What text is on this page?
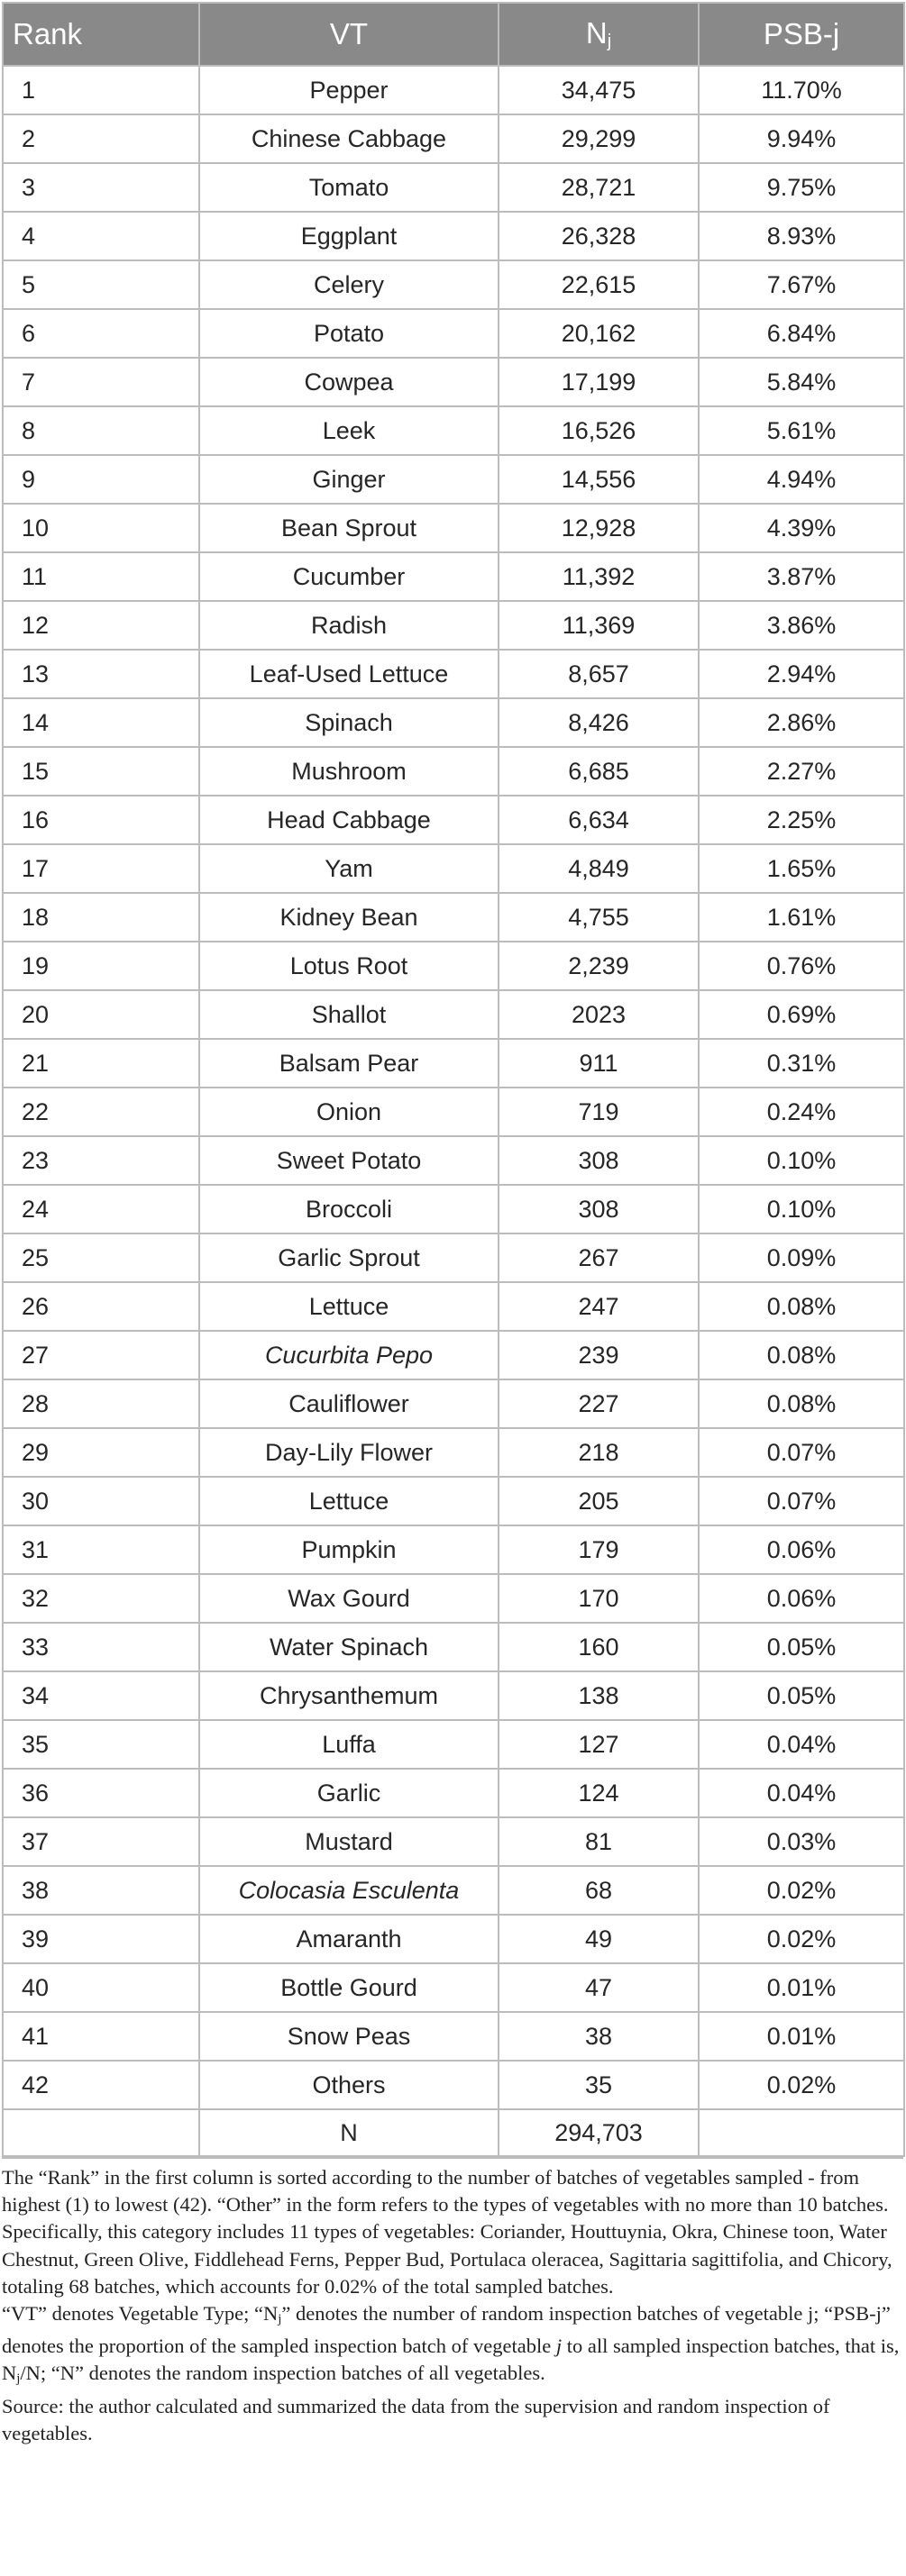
Rank	VT	$N_j$	PSB-j
1	Pepper	34,475	11.70%
2	Chinese Cabbage	29,299	9.94%
3	Tomato	28,721	9.75%
4	Eggplant	26,328	8.93%
5	Celery	22,615	7.67%
6	Potato	20,162	6.84%
7	Cowpea	17,199	5.84%
8	Leek	16,526	5.61%
9	Ginger	14,556	4.94%
10	Bean Sprout	12,928	4.39%
11	Cucumber	11,392	3.87%
12	Radish	11,369	3.86%
13	Leaf-Used Lettuce	8,657	2.94%
14	Spinach	8,426	2.86%
15	Mushroom	6,685	2.27%
16	Head Cabbage	6,634	2.25%
17	Yam	4,849	1.65%
18	Kidney Bean	4,755	1.61%
19	Lotus Root	2,239	0.76%
20	Shallot	2023	0.69%
21	Balsam Pear	911	0.31%
22	Onion	719	0.24%
23	Sweet Potato	308	0.10%
24	Broccoli	308	0.10%
25	Garlic Sprout	267	0.09%
26	Lettuce	247	0.08%
27	Cucurbita Pepo	239	0.08%
28	Cauliflower	227	0.08%
29	Day-Lily Flower	218	0.07%
30	Lettuce	205	0.07%
31	Pumpkin	179	0.06%
32	Wax Gourd	170	0.06%
33	Water Spinach	160	0.05%
34	Chrysanthemum	138	0.05%
35	Luffa	127	0.04%
36	Garlic	124	0.04%
37	Mustard	81	0.03%
38	Colocasia Esculenta	68	0.02%
39	Amaranth	49	0.02%
40	Bottle Gourd	47	0.01%
41	Snow Peas	38	0.01%
42	Others	35	0.02%
	N	294,703	

The “Rank” in the first column is sorted according to the number of batches of vegetables sampled - from highest (1) to lowest (42). “Other” in the form refers to the types of vegetables with no more than 10 batches. Specifically, this category includes 11 types of vegetables: Coriander, Houttuynia, Okra, Chinese toon, Water Chestnut, Green Olive, Fiddlehead Ferns, Pepper Bud, Portulaca oleracea, Sagittaria sagittifolia, and Chicory, totaling 68 batches, which accounts for 0.02% of the total sampled batches.

“VT” denotes Vegetable Type; “$N_j$” denotes the number of random inspection batches of vegetable j; “PSB-j” denotes the proportion of the sampled inspection batch of vegetable j to all sampled inspection batches, that is, $N_j/N$; “N” denotes the random inspection batches of all vegetables.

Source: the author calculated and summarized the data from the supervision and random inspection of vegetables.
